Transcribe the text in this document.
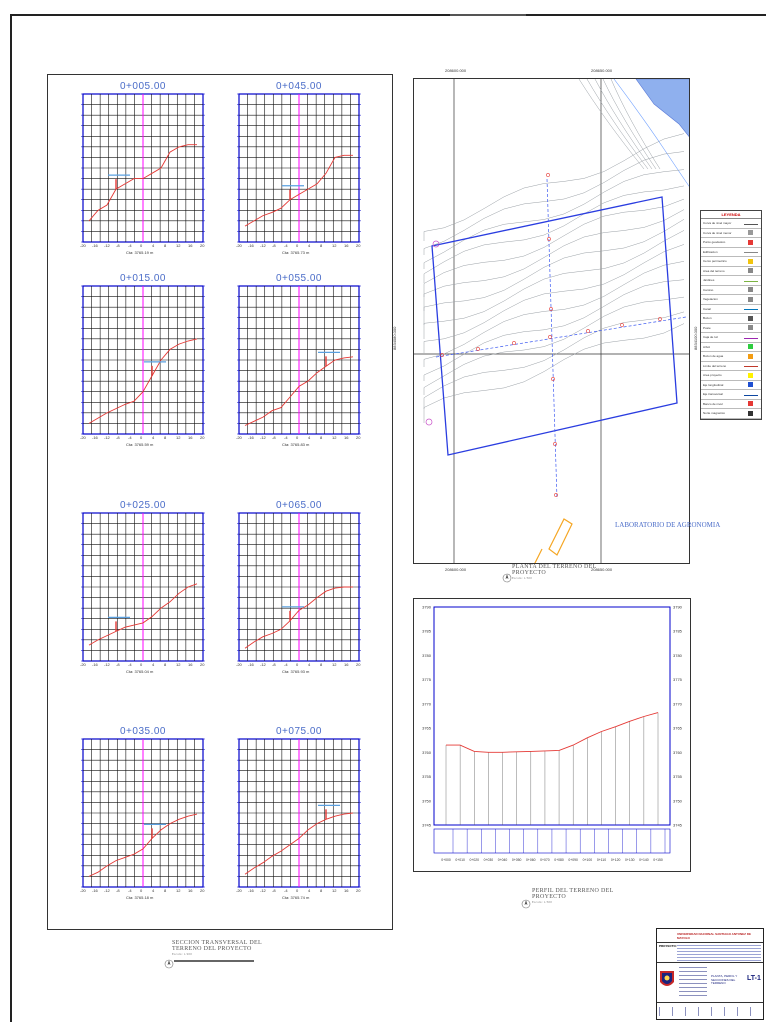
0+005.00
-20 -16 -12 -8 -4 0 4 8 12 16 20
Cta: 3765.19 m
0+045.00
-20 -16 -12 -8 -4 0 4 8 12 16 20
Cta: 3765.73 m
0+015.00
-20 -16 -12 -8 -4 0 4 8 12 16 20
Cta: 3765.59 m
0+055.00
-20 -16 -12 -8 -4 0 4 8 12 16 20
Cta: 3765.83 m
0+025.00
-20 -16 -12 -8 -4 0 4 8 12 16 20
Cta: 3765.04 m
0+065.00
-20 -16 -12 -8 -4 0 4 8 12 16 20
Cta: 3765.93 m
0+035.00
-20 -16 -12 -8 -4 0 4 8 12 16 20
Cta: 3765.18 m
0+075.00
-20 -16 -12 -8 -4 0 4 8 12 16 20
Cta: 3765.74 m
SECCION TRANSVERSAL DEL TERRENO DEL PROYECTO
Escala: 1/200
208600.000	208650.000
208600.000	208650.000
8834080.000	8834100.000
LABORATORIO DE AGRONOMIA
PLANTA DEL TERRENO DEL PROYECTO
Escala: 1/500
LEYENDA
Curva de nivel mayor
Curva de nivel menor
Punto geodesico
Edificacion
Cerco perimetrico
Area del terreno
Jardines
Camino
Vegetacion
Canal
Buzon
Poste
Caja de luz
Arbol
Buzon de agua
Limite del terreno
Area proyecto
Eje longitudinal
Eje transversal
Banco de nivel
Norte magnetico
3790	3790
3785	3785
3780	3780
3775	3775
3770	3770
3765	3765
3760	3760
3755	3755
3750	3750
3745	3745
0+000 0+010 0+020 0+030 0+040 0+050 0+060 0+070 0+080 0+090 0+100 0+110 0+120 0+130 0+140 0+150
PERFIL DEL TERRENO DEL PROYECTO
Escala: 1/500
UNIVERSIDAD NACIONAL SANTIAGO ANTUNEZ DE MAYOLO
PROYECTO:
PLANTA, PERFIL Y SECCIONES DEL TERRENO
LT-1
